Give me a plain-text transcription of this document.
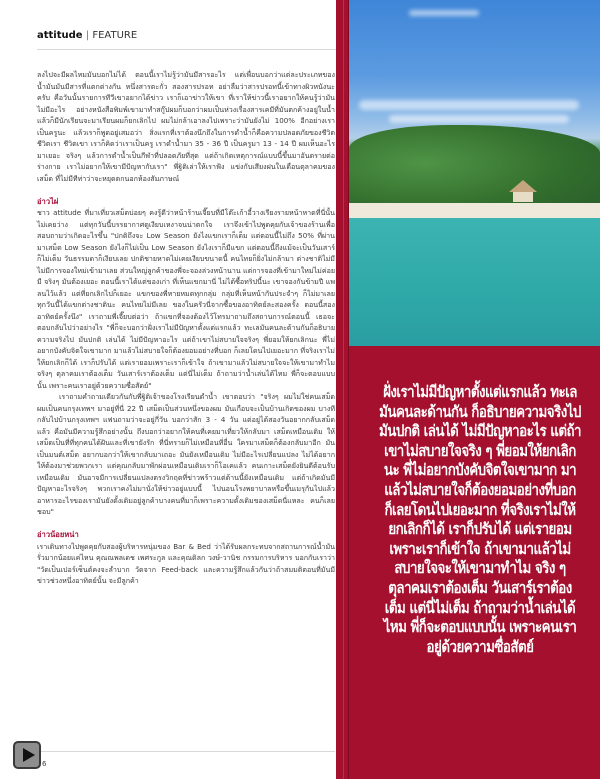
attitude | FEATURE

ลงไปจะมีผลไหมมันบอกไม่ได้ ตอนนี้เราไม่รู้ว่ามันมีสารอะไร แต่เพื่อนบอกว่าแต่ละประเภทของน้ำมันมันมีสารที่แตกต่างกัน หนึ่งสารตะกั่ว สองสารปรอท อย่าลืมว่าสารปรอทนี้เข้าทางผิวหนังนะครับ คือวันนั้นรายการทีวีเขาอยากได้ข่าว เราก็เอาข่าวให้เขา ที่เราให้ข่าวนี้เราอยากให้คนรู้ว่ามันไม่มีอะไร อย่างหนังสือพิมพ์เขามาทำสกู๊ปผมก็บอกว่าผมเป็นห่วงเรื่องสารเคมีที่มันตกค้างอยู่ในน้ำ แล้วก็มีนักเรียนจะมาเรียนผมก็ยกเลิกไป ผมไม่กล้าเอาลงไปเพราะว่ามันยังไม่ 100% อีกอย่างเราเป็นครูนะ แล้วเราก็พูดอยู่เสมอว่า สิ่งแรกที่เราต้องนึกถึงในการดำน้ำก็คือความปลอดภัยของชีวิต ชีวิตเรา ชีวิตเขา เราก็คิดว่าเราเป็นครู เราดำน้ำมา 35 - 36 ปี เป็นครูมา 13 - 14 ปี ผมเห็นอะไรมาเยอะ จริงๆ แล้วการดำน้ำเป็นกีฬาที่ปลอดภัยที่สุด แต่ถ้าเกิดเหตุการณ์แบบนี้ขึ้นมาอันตรายต่อร่างกาย เราไม่อยากให้เขามีปัญหากับเรา" พี่ฐิติเล่าให้เราฟัง แข่งกับเสียงฝนในเดือนตุลาคมของเสม็ด ที่ไม่มีทีท่าว่าจะหยุดตกนอกห้องสัมภาษณ์

อ่าวไผ่

ชาว attitude ที่มาเที่ยวเสม็ดบ่อยๆ คงรู้ดีว่าหน้าร้านเจี๊ยบที่มีโต๊ะเก้าอี้วางเรียงรายหน้าหาดที่นี่นั้นไม่เคยว่าง แต่ทุกวันนี้บรรยากาศดูเงียบเหงาจนน่าตกใจ เราจึงเข้าไปพูดคุยกับเจ้าของร้านเพื่อสอบถามว่าเกิดอะไรขึ้น "ปกติถึงจะ Low Season ยังไงแขกเราก็เต็ม แต่ตอนนี้ไม่ถึง 50% ที่ผ่านมาเสม็ด Low Season ยังไงก็ไม่เป็น Low Season ยังไงเราก็มีแขก แต่ตอนนี้ถึงแม้จะเป็นวันเสาร์ก็ไม่เต็ม วันธรรมดาก็เงียบเลย ปกติชายหาดไม่เคยเงียบขนาดนี้ คนไทยก็ยิ่งไม่กล้ามา ต่างชาติไม่มี ไม่มีการจองใหม่เข้ามาเลย ส่วนใหญ่ลูกค้าของพี่จะจองล่วงหน้านาน แต่การจองที่เข้ามาใหม่ไม่ค่อยมี จริงๆ มันต้องเยอะ ตอนนี้เราได้แต่ของเก่า ที่เห็นแขกมานี่ ไม่ได้ซื้อทริปนี้นะ เขาจองกันข้ามปี แพลนไว้แล้ว แต่ที่ยกเลิกไปก็เยอะ แขกของพี่หายหมดทุกกลุ่ม กลุ่มที่เห็นหน้ากันประจำๆ ก็ไม่มาเลย ทุกวันนี้ได้แขกต่างชาตินะ คนไทยไม่มีเลย ของในครัวนี่จากซื้อของอาทิตย์ละสองครั้ง ตอนนี้สองอาทิตย์ครั้งนึง" เราถามพี่เจี๊ยบต่อว่า ถ้าแขกที่จองต้องไว้โทรมาถามถึงสถานการณ์ตอนนี้ เธอจะตอบกลับไปว่าอย่างไร "พี่ก็จะบอกว่าฝั่งเราไม่มีปัญหาตั้งแต่แรกแล้ว ทะเลมันคนละด้านกันก็อธิบายความจริงไป มันปกติ เล่นได้ ไม่มีปัญหาอะไร แต่ถ้าเขาไม่สบายใจจริงๆ พี่ยอมให้ยกเลิกนะ พี่ไม่อยากบังคับจิตใจเขามาก มาแล้วไม่สบายใจก็ต้องยอมอย่างที่บอก ก็เลยโดนไปเยอะมาก ที่จริงเราไม่ให้ยกเลิกก็ได้ เราก็ปรับได้ แต่เรายอมเพราะเราก็เข้าใจ ถ้าเขามาแล้วไม่สบายใจจะให้เขามาทำไม จริงๆ ตุลาคมเราต้องเต็ม วันเสาร์เราต้องเต็ม แต่นี่ไม่เต็ม ถ้าถามว่าน้ำเล่นได้ไหม พี่ก็จะตอบแบบนั้น เพราะคนเราอยู่ด้วยความซื่อสัตย์"

เราถามคำถามเดียวกันกับพี่ฐิติเจ้าของโรงเรียนดำน้ำ เขาตอบว่า "จริงๆ ผมไม่ใช่คนเสม็ด ผมเป็นคนกรุงเทพฯ มาอยู่ที่นี่ 22 ปี เสม็ดเป็นส่วนหนึ่งของผม มันเกือบจะเป็นบ้านเกิดของผม บางทีกลับไปบ้านกรุงเทพฯ แฟนถามว่าจะอยู่กี่วัน บอกว่าสัก 3 - 4 วัน แต่อยู่ได้สองวันอยากกลับเสม็ดแล้ว คือมันมีความรู้สึกอย่างนั้น ถึงบอกว่าอยากให้คนที่เคยมาเที่ยวให้กลับมา เสม็ดเหมือนเดิม ให้เสม็ดเป็นที่ที่ทุกคนได้ฝันและที่เขายังรัก ที่นี่ทรายก็ไม่เหมือนที่อื่น ใครมาเสม็ดก็ต้องกลับมาอีก มันเป็นมนต์เสม็ด อยากบอกว่าให้เขากลับมาเถอะ มันยังเหมือนเดิม ไม่มีอะไรเปลี่ยนแปลง ไม่ได้อยากให้ต้องมาช่วยพวกเรา แต่คุณกลับมาพักผ่อนเหมือนเดิมเราก็โอเคแล้ว คนเกาะเสม็ดยังยินดีต้อนรับเหมือนเดิม มันอาจมีการเปลี่ยนแปลงตรงวิกฤตที่ข่าวพร้าวแต่ด้านนี้ยังเหมือนเดิม แต่ถ้าเกิดมันมีปัญหาอะไรจริงๆ พวกเราคงไม่มานั่งให้ข่าวอยู่แบบนี้ ไปนอนโรงพยาบาลหรือขึ้นเมรุกันไปแล้ว อาหารอะไรของเรามันยังดั้งเดิมอยู่ลูกค้าบางคนที่มาก็เพราะความดั้งเดิมของเสม็ดนี่แหละ คนก็เลยชอบ"

อ่าวน้อยหน่า

เราเดินทางไปพูดคุยกับสองผู้บริหารหนุ่มของ Bar & Bed ว่าได้รับผลกระทบจากสถานการณ์น้ำมันรั่วมากน้อยแค่ไหน คุณณพลเดช เพศระกูล และคุณดิลก วงษ์-วานิช กรรมการบริหาร บอกกับเราว่า "วัดเป็นเปอร์เซ็นต์คงจะลำบาก วัดจาก Feed-back และความรู้สึกแล้วกันว่าถ้าสมมติตอนที่มันมีข่าวช่วงหนึ่งอาทิตย์นั้น จะมีลูกค้า

6
ฝั่งเราไม่มีปัญหาตั้งแต่แรกแล้ว ทะเลมันคนละด้านกัน ก็อธิบายความจริงไป มันปกติ เล่นได้ ไม่มีปัญหาอะไร แต่ถ้าเขาไม่สบายใจจริง ๆ พี่ยอมให้ยกเลิกนะ พี่ไม่อยากบังคับจิตใจเขามาก มาแล้วไม่สบายใจก็ต้องยอมอย่างที่บอก ก็เลยโดนไปเยอะมาก ที่จริงเราไม่ให้ยกเลิกก็ได้ เราก็ปรับได้ แต่เรายอมเพราะเราก็เข้าใจ ถ้าเขามาแล้วไม่สบายใจจะให้เขามาทำไม จริง ๆ ตุลาคมเราต้องเต็ม วันเสาร์เราต้องเต็ม แต่นี่ไม่เต็ม ถ้าถามว่าน้ำเล่นได้ไหม พี่ก็จะตอบแบบนั้น เพราะคนเราอยู่ด้วยความซื่อสัตย์
